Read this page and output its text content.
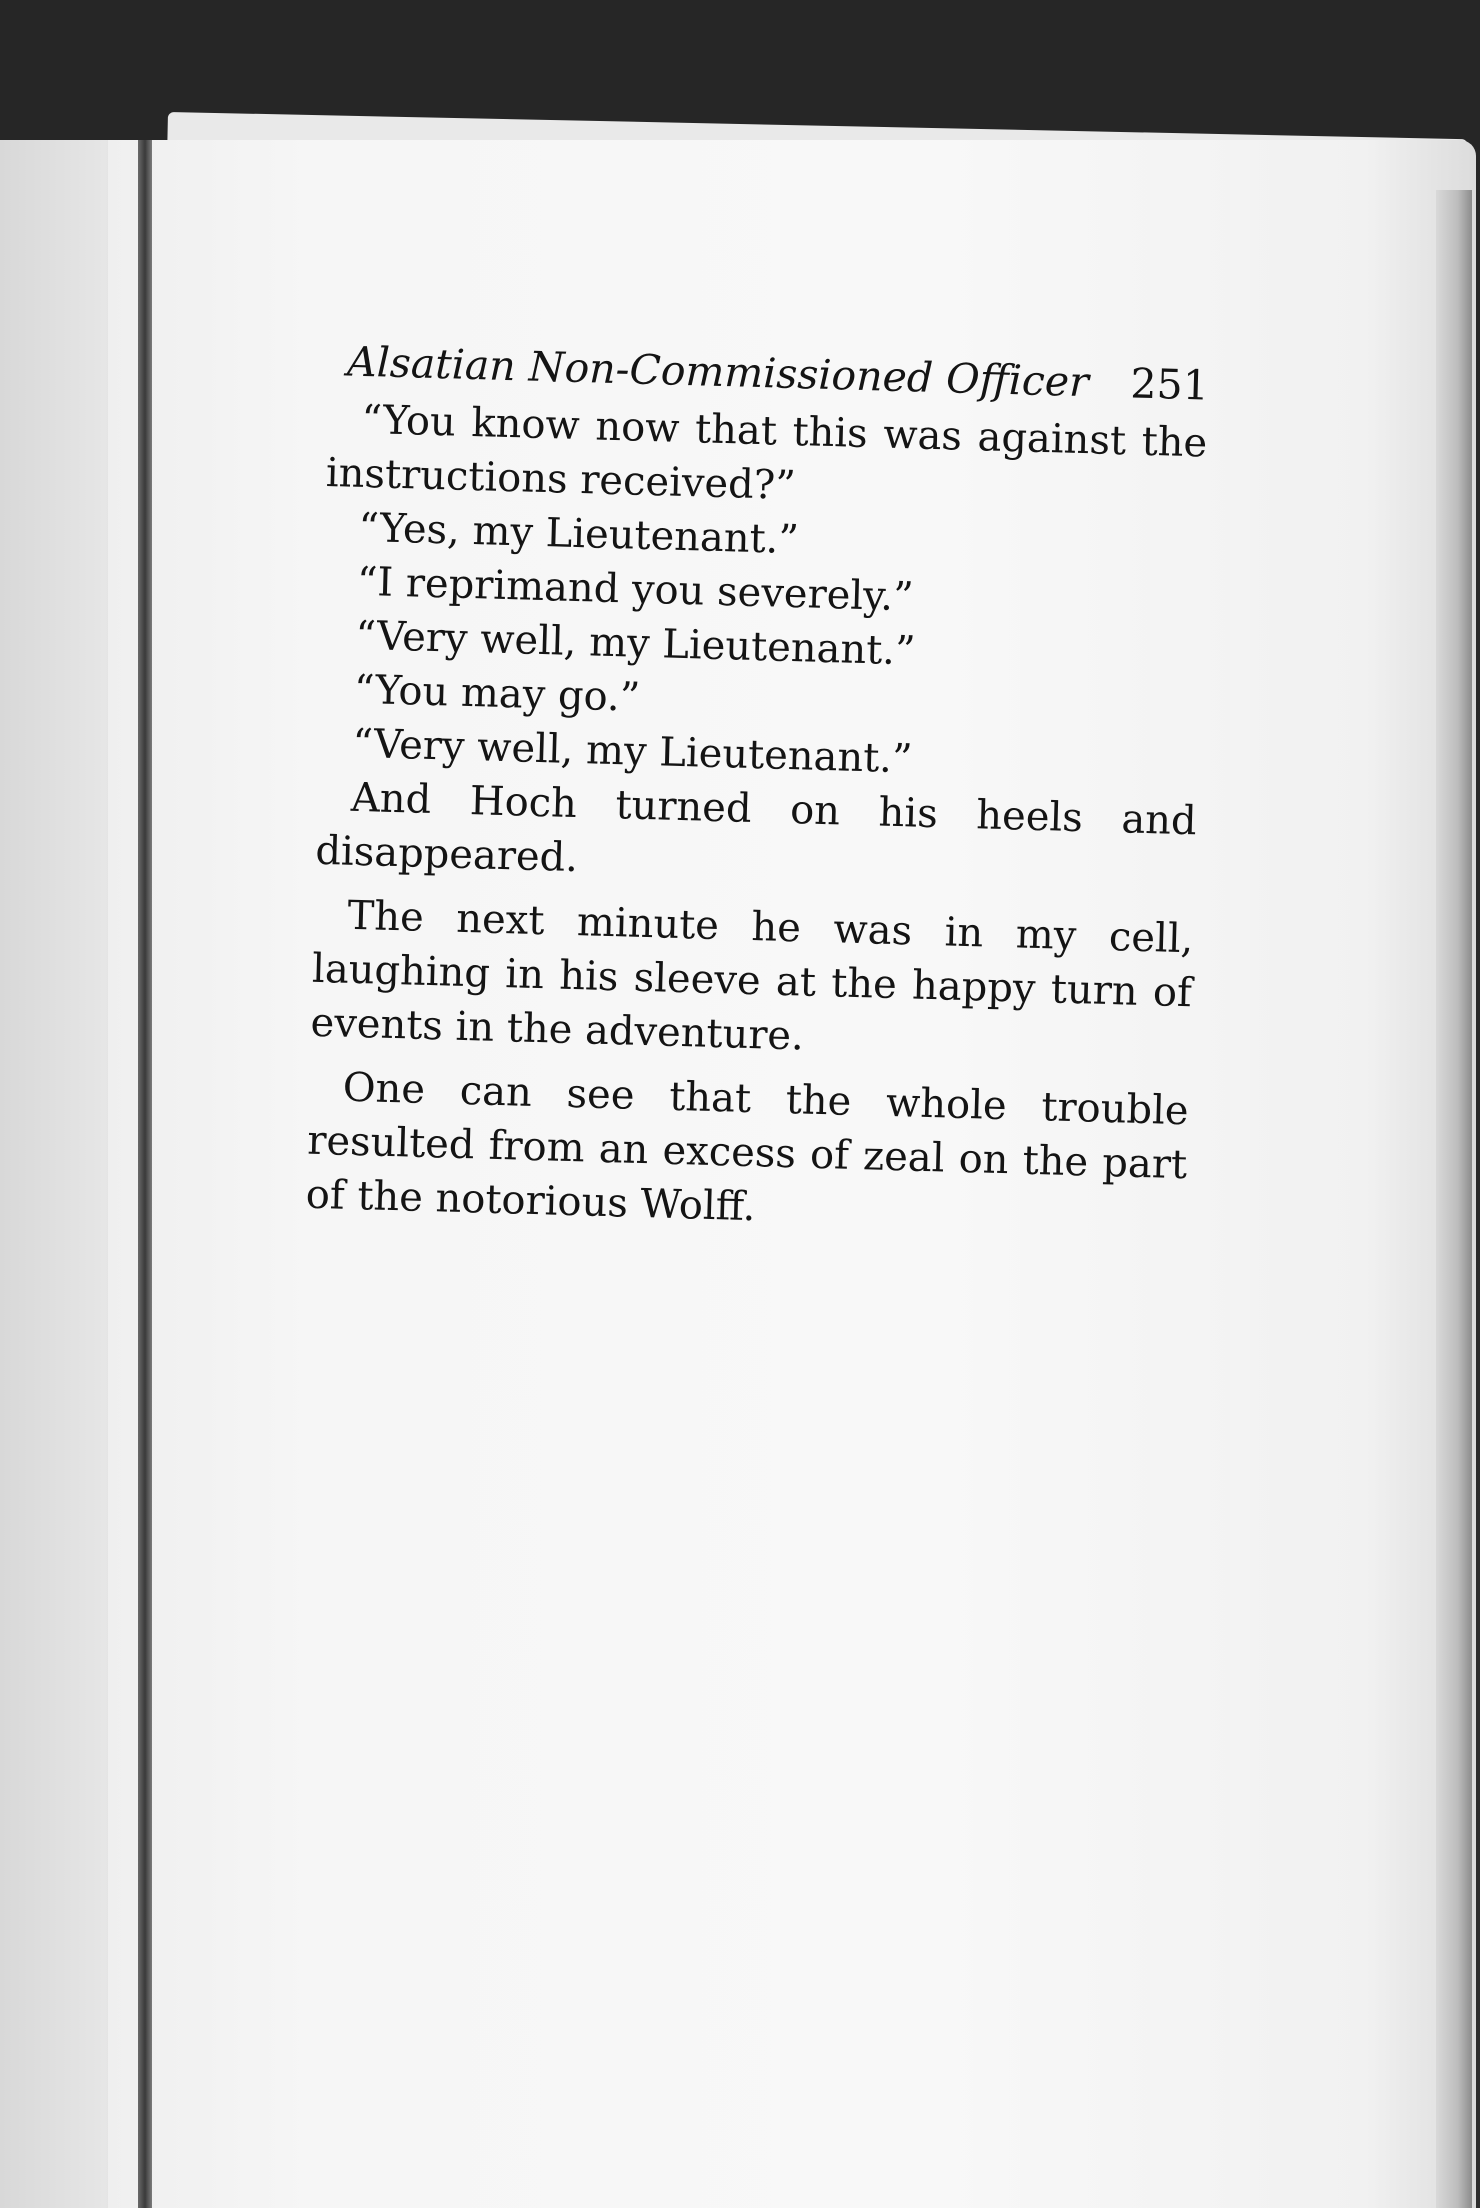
Alsatian Non-Commissioned Officer 251

“You know now that this was against the instructions received?”

“Yes, my Lieutenant.”

“I reprimand you severely.”

“Very well, my Lieutenant.”

“You may go.”

“Very well, my Lieutenant.”

And Hoch turned on his heels and disappeared.

The next minute he was in my cell, laughing in his sleeve at the happy turn of events in the adventure.

One can see that the whole trouble resulted from an excess of zeal on the part of the notorious Wolff.
